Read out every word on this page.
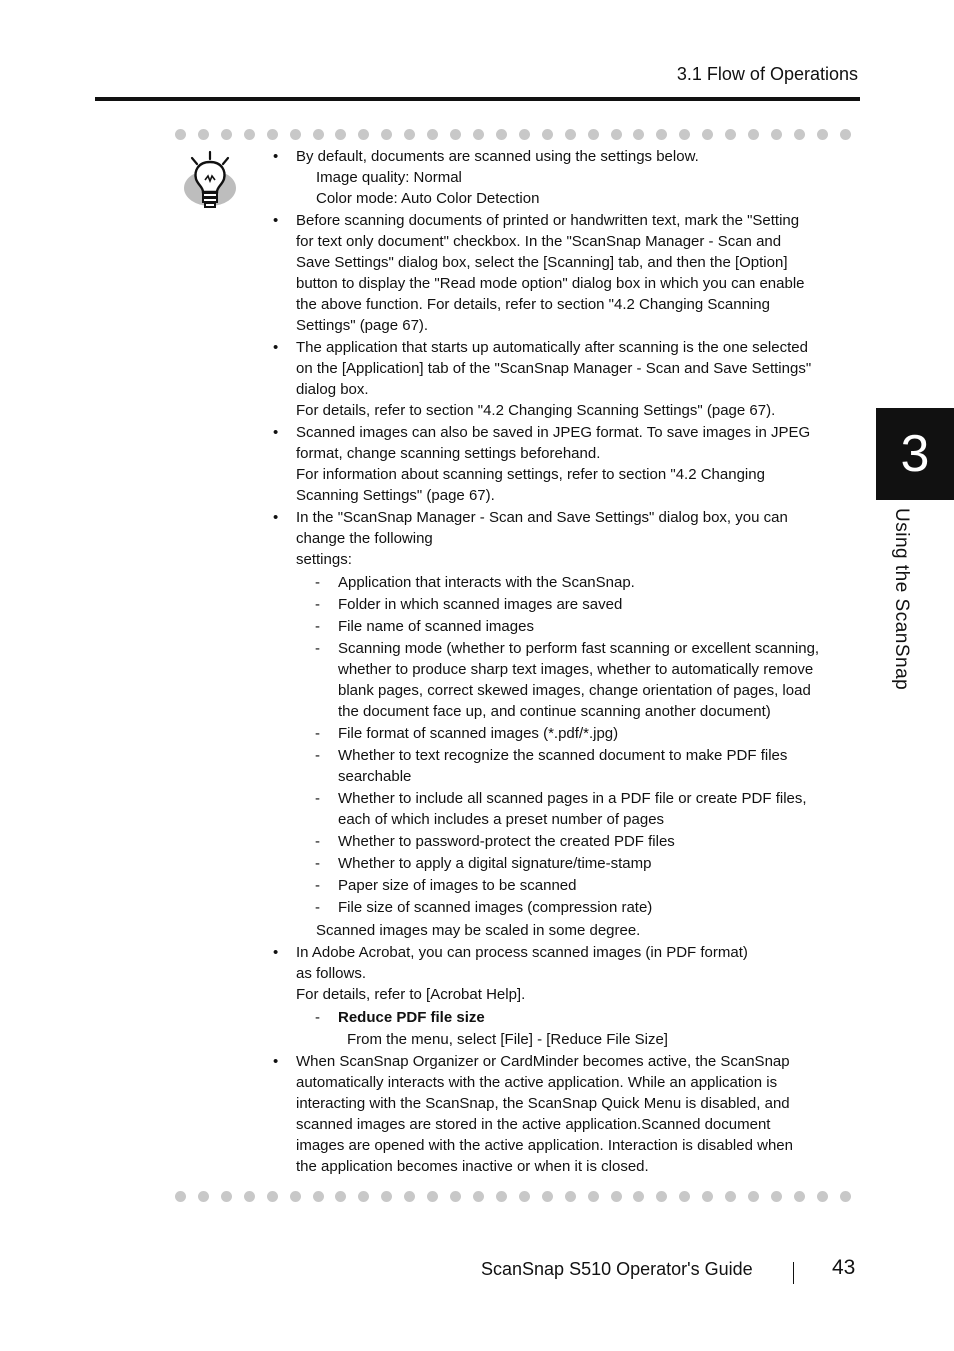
3.1 Flow of Operations
• By default, documents are scanned using the settings below.
Image quality: Normal
Color mode: Auto Color Detection
• Before scanning documents of printed or handwritten text, mark the "Setting
for text only document" checkbox. In the "ScanSnap Manager - Scan and
Save Settings" dialog box, select the [Scanning] tab, and then the [Option]
button to display the "Read mode option" dialog box in which you can enable
the above function. For details, refer to section "4.2 Changing Scanning
Settings" (page 67).
• The application that starts up automatically after scanning is the one selected
on the [Application] tab of the "ScanSnap Manager - Scan and Save Settings"
dialog box.
For details, refer to section "4.2 Changing Scanning Settings" (page 67).
• Scanned images can also be saved in JPEG format. To save images in JPEG
format, change scanning settings beforehand.
For information about scanning settings, refer to section "4.2 Changing
Scanning Settings" (page 67).
• In the "ScanSnap Manager - Scan and Save Settings" dialog box, you can
change the following
settings:
- Application that interacts with the ScanSnap.
- Folder in which scanned images are saved
- File name of scanned images
- Scanning mode (whether to perform fast scanning or excellent scanning,
whether to produce sharp text images, whether to automatically remove
blank pages, correct skewed images, change orientation of pages, load
the document face up, and continue scanning another document)
- File format of scanned images (*.pdf/*.jpg)
- Whether to text recognize the scanned document to make PDF files
searchable
- Whether to include all scanned pages in a PDF file or create PDF files,
each of which includes a preset number of pages
- Whether to password-protect the created PDF files
- Whether to apply a digital signature/time-stamp
- Paper size of images to be scanned
- File size of scanned images (compression rate)
Scanned images may be scaled in some degree.
• In Adobe Acrobat, you can process scanned images (in PDF format)
as follows.
For details, refer to [Acrobat Help].
- Reduce PDF file size
From the menu, select [File] - [Reduce File Size]
• When ScanSnap Organizer or CardMinder becomes active, the ScanSnap
automatically interacts with the active application. While an application is
interacting with the ScanSnap, the ScanSnap Quick Menu is disabled, and
scanned images are stored in the active application.Scanned document
images are opened with the active application. Interaction is disabled when
the application becomes inactive or when it is closed.
3
Using the ScanSnap
ScanSnap S510 Operator's Guide	43
